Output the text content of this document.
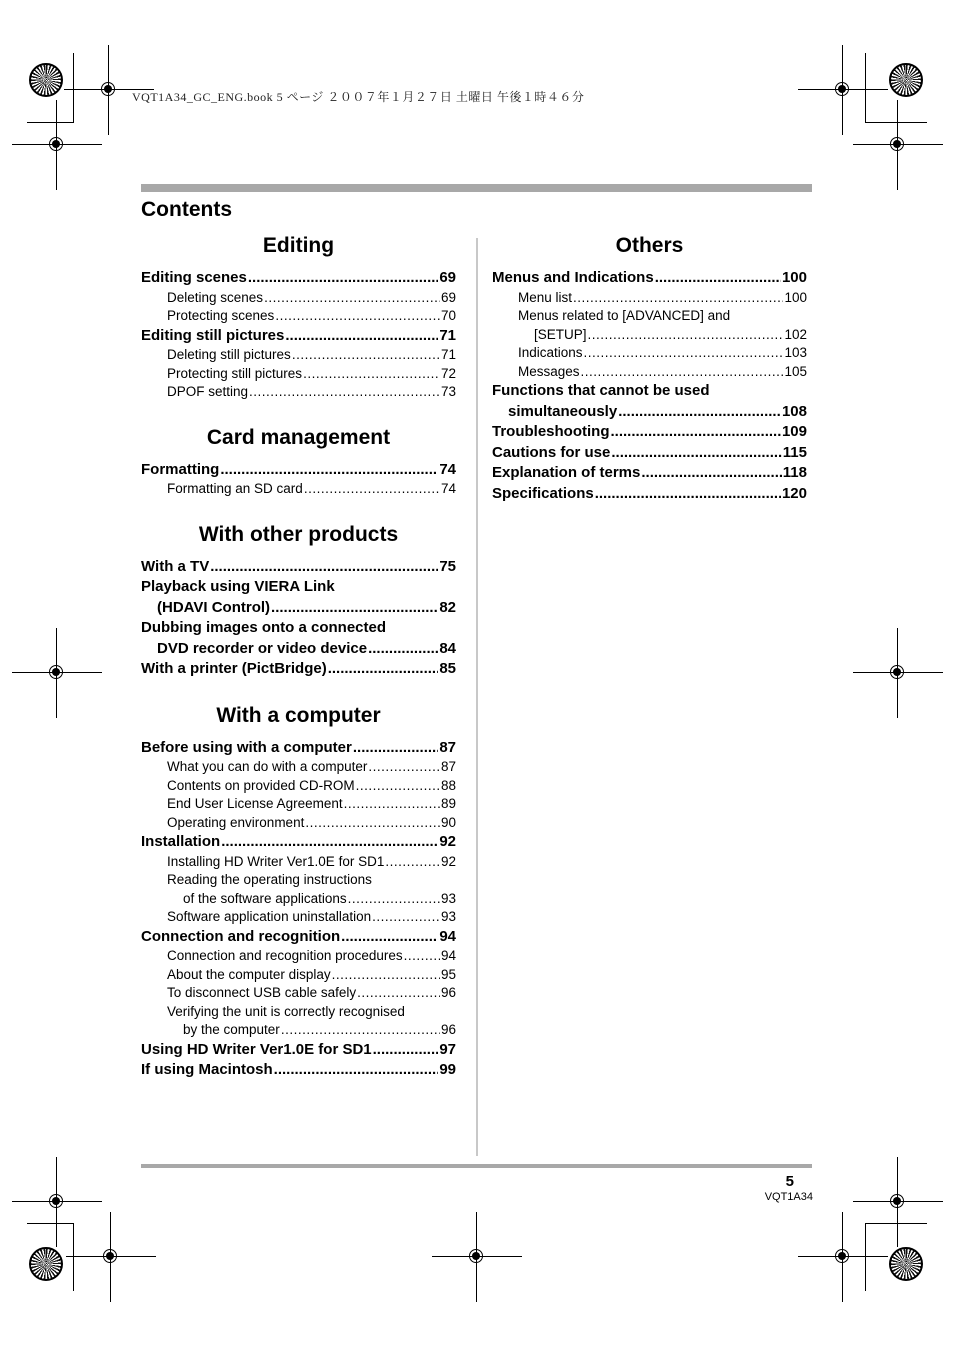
VQT1A34_GC_ENG.book 5 ページ ２００７年１月２７日 土曜日 午後１時４６分
Contents
Editing
Editing scenes .....	69
Deleting scenes .....	69
Protecting scenes .....	70
Editing still pictures .....	71
Deleting still pictures .....	71
Protecting still pictures .....	72
DPOF setting .....	73
Card management
Formatting .....	74
Formatting an SD card .....	74
With other products
With a TV .....	75
Playback using VIERA Link
(HDAVI Control) .....	82
Dubbing images onto a connected
DVD recorder or video device .....	84
With a printer (PictBridge) .....	85
With a computer
Before using with a computer .....	87
What you can do with a computer .....	87
Contents on provided CD-ROM .....	88
End User License Agreement .....	89
Operating environment .....	90
Installation .....	92
Installing HD Writer Ver1.0E for SD1 .....	92
Reading the operating instructions
of the software applications .....	93
Software application uninstallation .....	93
Connection and recognition .....	94
Connection and recognition procedures .....	94
About the computer display .....	95
To disconnect USB cable safely .....	96
Verifying the unit is correctly recognised
by the computer .....	96
Using HD Writer Ver1.0E for SD1 .....	97
If using Macintosh .....	99
Others
Menus and Indications .....	100
Menu list .....	100
Menus related to [ADVANCED] and
[SETUP] .....	102
Indications .....	103
Messages .....	105
Functions that cannot be used
simultaneously .....	108
Troubleshooting .....	109
Cautions for use .....	115
Explanation of terms .....	118
Specifications .....	120
5
VQT1A34
